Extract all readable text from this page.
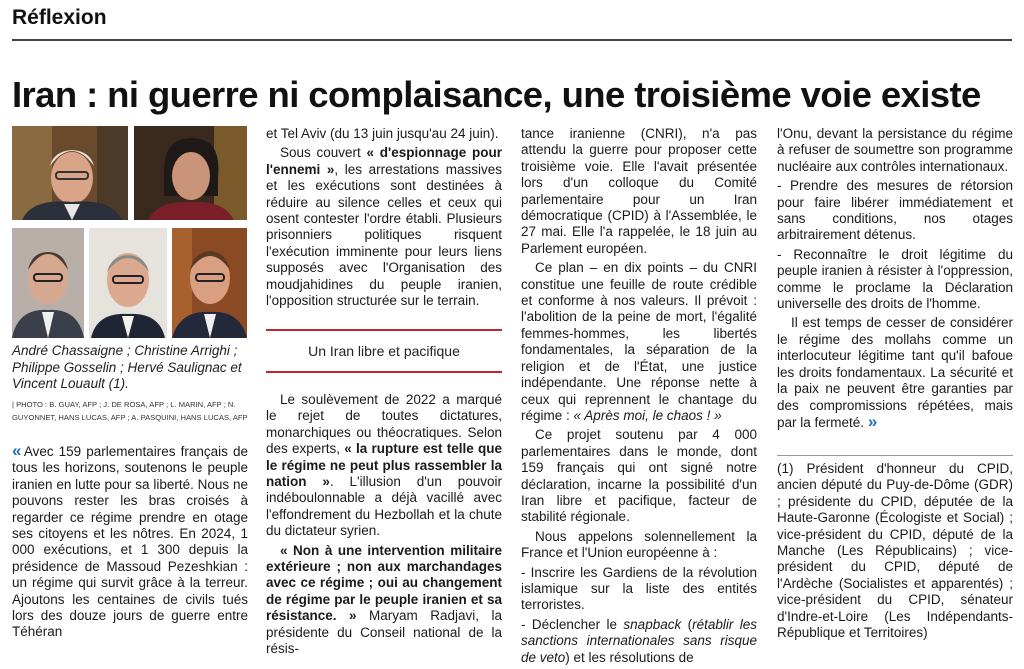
Réflexion
Iran : ni guerre ni complaisance, une troisième voie existe
André Chassaigne ; Christine Arrighi ; Philippe Gosselin ; Hervé Saulignac et Vincent Louault (1).
| PHOTO : B. GUAY, AFP ; J. DE ROSA, AFP ; L. MARIN, AFP ; N. GUYONNET, HANS LUCAS, AFP ; A. PASQUINI, HANS LUCAS, AFP

« Avec 159 parlementaires français de tous les horizons, soutenons le peuple iranien en lutte pour sa liberté. Nous ne pouvons rester les bras croisés à regarder ce régime prendre en otage ses citoyens et les nôtres. En 2024, 1 000 exécutions, et 1 300 depuis la présidence de Massoud Pezeshkian : un régime qui survit grâce à la terreur. Ajoutons les centaines de civils tués lors des douze jours de guerre entre Téhéran

et Tel Aviv (du 13 juin jusqu'au 24 juin).

Sous couvert « d'espionnage pour l'ennemi », les arrestations massives et les exécutions sont destinées à réduire au silence celles et ceux qui osent contester l'ordre établi. Plusieurs prisonniers politiques risquent l'exécution imminente pour leurs liens supposés avec l'Organisation des moudjahidines du peuple iranien, l'opposition structurée sur le terrain.

Un Iran libre et pacifique

Le soulèvement de 2022 a marqué le rejet de toutes dictatures, monarchiques ou théocratiques. Selon des experts, « la rupture est telle que le régime ne peut plus rassembler la nation ». L'illusion d'un pouvoir indéboulonnable a déjà vacillé avec l'effondrement du Hezbollah et la chute du dictateur syrien.

« Non à une intervention militaire extérieure ; non aux marchandages avec ce régime ; oui au changement de régime par le peuple iranien et sa résistance. » Maryam Radjavi, la présidente du Conseil national de la résis-

tance iranienne (CNRI), n'a pas attendu la guerre pour proposer cette troisième voie. Elle l'avait présentée lors d'un colloque du Comité parlementaire pour un Iran démocratique (CPID) à l'Assemblée, le 27 mai. Elle l'a rappelée, le 18 juin au Parlement européen.

Ce plan – en dix points – du CNRI constitue une feuille de route crédible et conforme à nos valeurs. Il prévoit : l'abolition de la peine de mort, l'égalité femmes-hommes, les libertés fondamentales, la séparation de la religion et de l'État, une justice indépendante. Une réponse nette à ceux qui reprennent le chantage du régime : « Après moi, le chaos ! »

Ce projet soutenu par 4 000 parlementaires dans le monde, dont 159 français qui ont signé notre déclaration, incarne la possibilité d'un Iran libre et pacifique, facteur de stabilité régionale.

Nous appelons solennellement la France et l'Union européenne à :

- Inscrire les Gardiens de la révolution islamique sur la liste des entités terroristes.

- Déclencher le snapback (rétablir les sanctions internationales sans risque de veto) et les résolutions de

l'Onu, devant la persistance du régime à refuser de soumettre son programme nucléaire aux contrôles internationaux.

- Prendre des mesures de rétorsion pour faire libérer immédiatement et sans conditions, nos otages arbitrairement détenus.

- Reconnaître le droit légitime du peuple iranien à résister à l'oppression, comme le proclame la Déclaration universelle des droits de l'homme.

Il est temps de cesser de considérer le régime des mollahs comme un interlocuteur légitime tant qu'il bafoue les droits fondamentaux. La sécurité et la paix ne peuvent être garanties par des compromissions répétées, mais par la fermeté. »

(1) Président d'honneur du CPID, ancien député du Puy-de-Dôme (GDR) ; présidente du CPID, députée de la Haute-Garonne (Écologiste et Social) ; vice-président du CPID, député de la Manche (Les Républicains) ; vice-président du CPID, député de l'Ardèche (Socialistes et apparentés) ; vice-président du CPID, sénateur d'Indre-et-Loire (Les Indépendants-République et Territoires)
